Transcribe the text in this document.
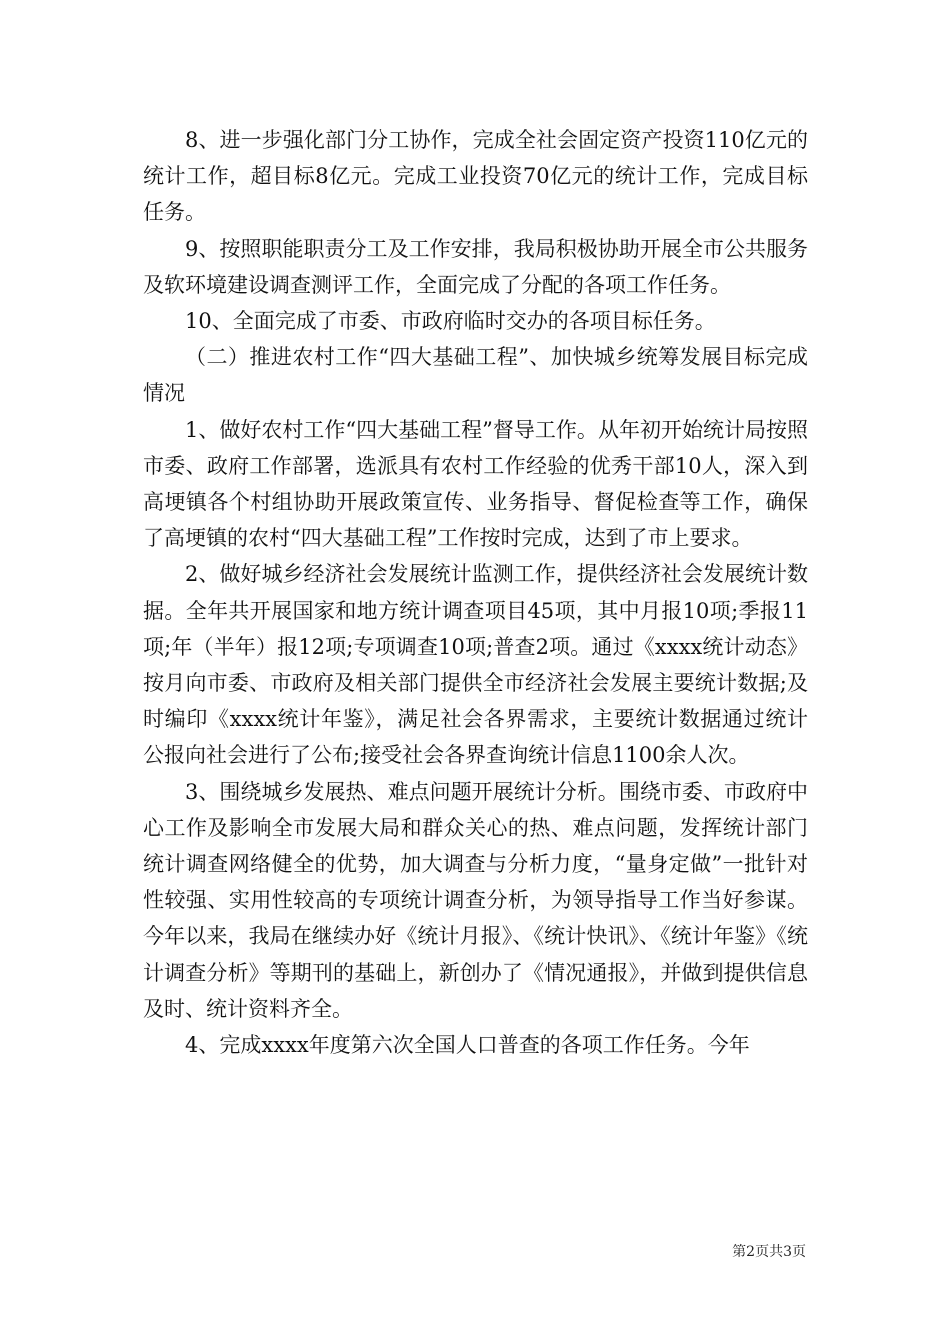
8、进一步强化部门分工协作，完成全社会固定资产投资110亿元的统计工作，超目标8亿元。完成工业投资70亿元的统计工作，完成目标任务。

9、按照职能职责分工及工作安排，我局积极协助开展全市公共服务及软环境建设调查测评工作，全面完成了分配的各项工作任务。

10、全面完成了市委、市政府临时交办的各项目标任务。

（二）推进农村工作“四大基础工程”、加快城乡统筹发展目标完成情况

1、做好农村工作“四大基础工程”督导工作。从年初开始统计局按照市委、政府工作部署，选派具有农村工作经验的优秀干部10人，深入到高埂镇各个村组协助开展政策宣传、业务指导、督促检查等工作，确保了高埂镇的农村“四大基础工程”工作按时完成，达到了市上要求。

2、做好城乡经济社会发展统计监测工作，提供经济社会发展统计数据。全年共开展国家和地方统计调查项目45项，其中月报10项;季报11项;年（半年）报12项;专项调查10项;普查2项。通过《xxxx统计动态》按月向市委、市政府及相关部门提供全市经济社会发展主要统计数据;及时编印《xxxx统计年鉴》，满足社会各界需求，主要统计数据通过统计公报向社会进行了公布;接受社会各界查询统计信息1100余人次。

3、围绕城乡发展热、难点问题开展统计分析。围绕市委、市政府中心工作及影响全市发展大局和群众关心的热、难点问题，发挥统计部门统计调查网络健全的优势，加大调查与分析力度，“量身定做”一批针对性较强、实用性较高的专项统计调查分析，为领导指导工作当好参谋。今年以来，我局在继续办好《统计月报》、《统计快讯》、《统计年鉴》《统计调查分析》等期刊的基础上，新创办了《情况通报》，并做到提供信息及时、统计资料齐全。

4、完成xxxx年度第六次全国人口普查的各项工作任务。今年

第2页共3页
